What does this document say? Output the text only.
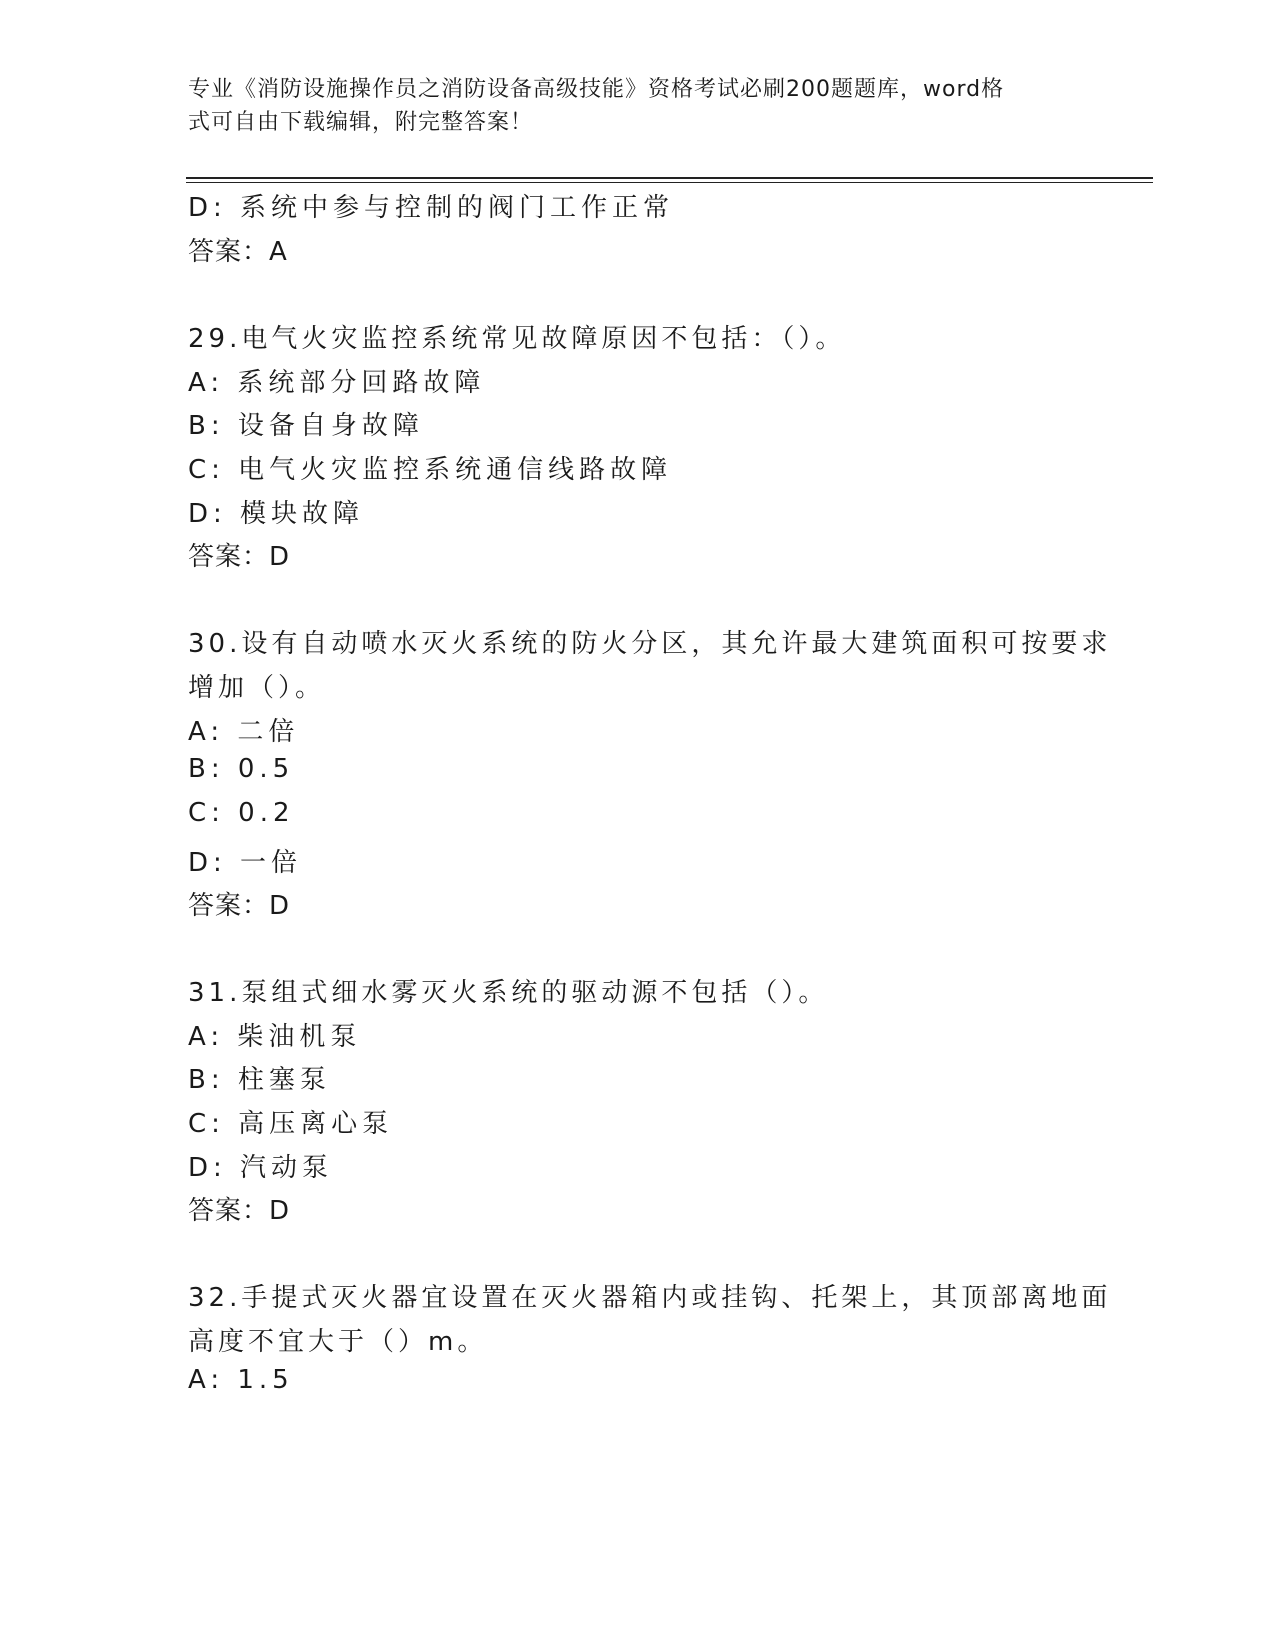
专业《消防设施操作员之消防设备高级技能》资格考试必刷200题题库，word格
式可自由下载编辑，附完整答案！
D: 系统中参与控制的阀门工作正常
答案：A
29.电气火灾监控系统常见故障原因不包括：（）。
A: 系统部分回路故障
B: 设备自身故障
C: 电气火灾监控系统通信线路故障
D: 模块故障
答案：D
30.设有自动喷水灭火系统的防火分区，其允许最大建筑面积可按要求
增加（）。
A: 二倍
B: 0.5
C: 0.2
D: 一倍
答案：D
31.泵组式细水雾灭火系统的驱动源不包括（）。
A: 柴油机泵
B: 柱塞泵
C: 高压离心泵
D: 汽动泵
答案：D
32.手提式灭火器宜设置在灭火器箱内或挂钩、托架上，其顶部离地面
高度不宜大于（）m。
A: 1.5
